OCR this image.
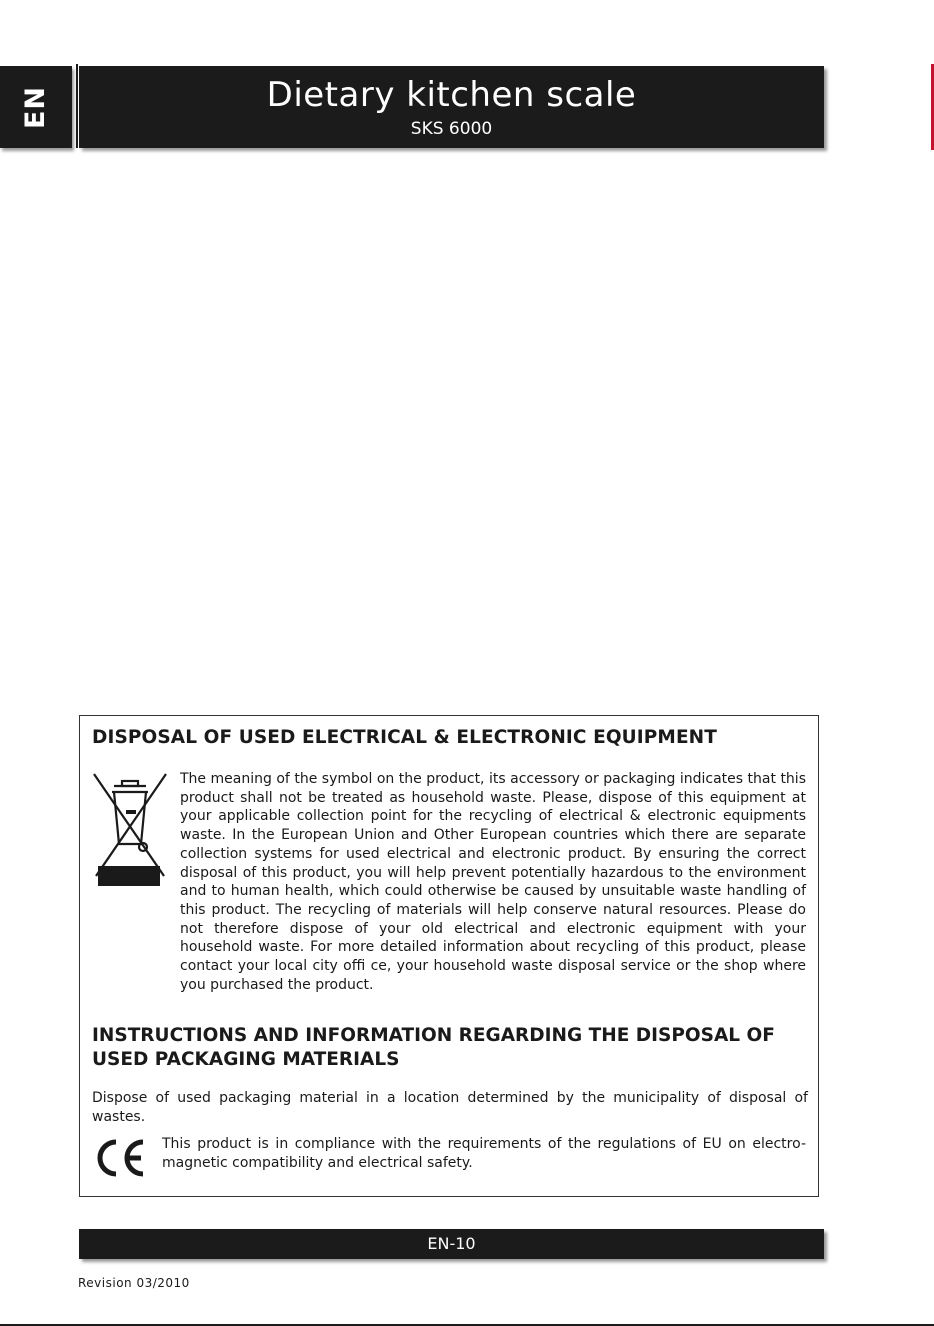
EN	Dietary kitchen scale
SKS 6000
DISPOSAL OF USED ELECTRICAL & ELECTRONIC EQUIPMENT
The meaning of the symbol on the product, its accessory or packaging indicates that this product shall not be treated as household waste. Please, dispose of this equipment at your applicable collection point for the recycling of electrical & electronic equipments waste. In the European Union and Other European countries which there are separate collection systems for used electrical and electronic product. By ensuring the correct disposal of this product, you will help prevent potentially hazardous to the environment and to human health, which could otherwise be caused by unsuitable waste handling of this product. The recycling of materials will help conserve natural resources. Please do not therefore dispose of your old electrical and electronic equipment with your household waste. For more detailed information about recycling of this product, please contact your local city offi ce, your household waste disposal service or the shop where you purchased the product.
INSTRUCTIONS AND INFORMATION REGARDING THE DISPOSAL OF USED PACKAGING MATERIALS
Dispose of used packaging material in a location determined by the municipality of disposal of wastes.
This product is in compliance with the requirements of the regulations of EU on electro-magnetic compatibility and electrical safety.
EN-10
Revision 03/2010
